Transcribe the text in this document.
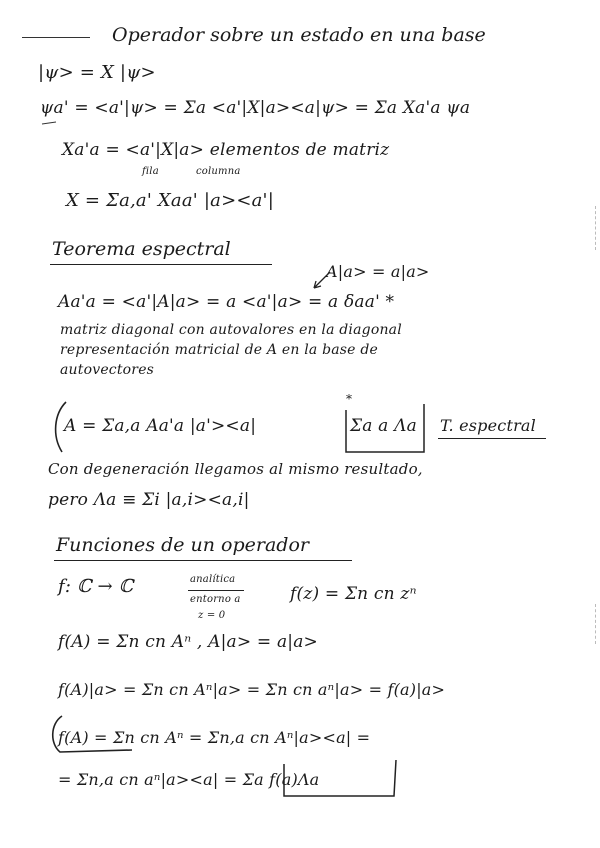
Operador sobre un estado en una base
|ψ> = X |ψ>
ψa' = <a'|ψ> = Σa <a'|X|a><a|ψ> = Σa Xa'a ψa
Xa'a = <a'|X|a> elementos de matriz
fila	columna
X = Σa,a' Xaa' |a><a'|
Teorema espectral
A|a> = a|a>
Aa'a = <a'|A|a> = a <a'|a> = a δaa' *
matriz diagonal con autovalores en la diagonal
representación matricial de A en la base de
autovectores
A = Σa,a Aa'a |a'><a|	Σa a Λa
*
T. espectral
Con degeneración llegamos al mismo resultado,
pero Λa ≡ Σi |a,i><a,i|
Funciones de un operador
f: ℂ → ℂ	analítica
entorno a
z = 0
f(z) = Σn cn zⁿ
f(A) = Σn cn Aⁿ , A|a> = a|a>
f(A)|a> = Σn cn Aⁿ|a> = Σn cn aⁿ|a> = f(a)|a>
f(A) = Σn cn Aⁿ = Σn,a cn Aⁿ|a><a| =
= Σn,a cn aⁿ|a><a| = Σa f(a)Λa
